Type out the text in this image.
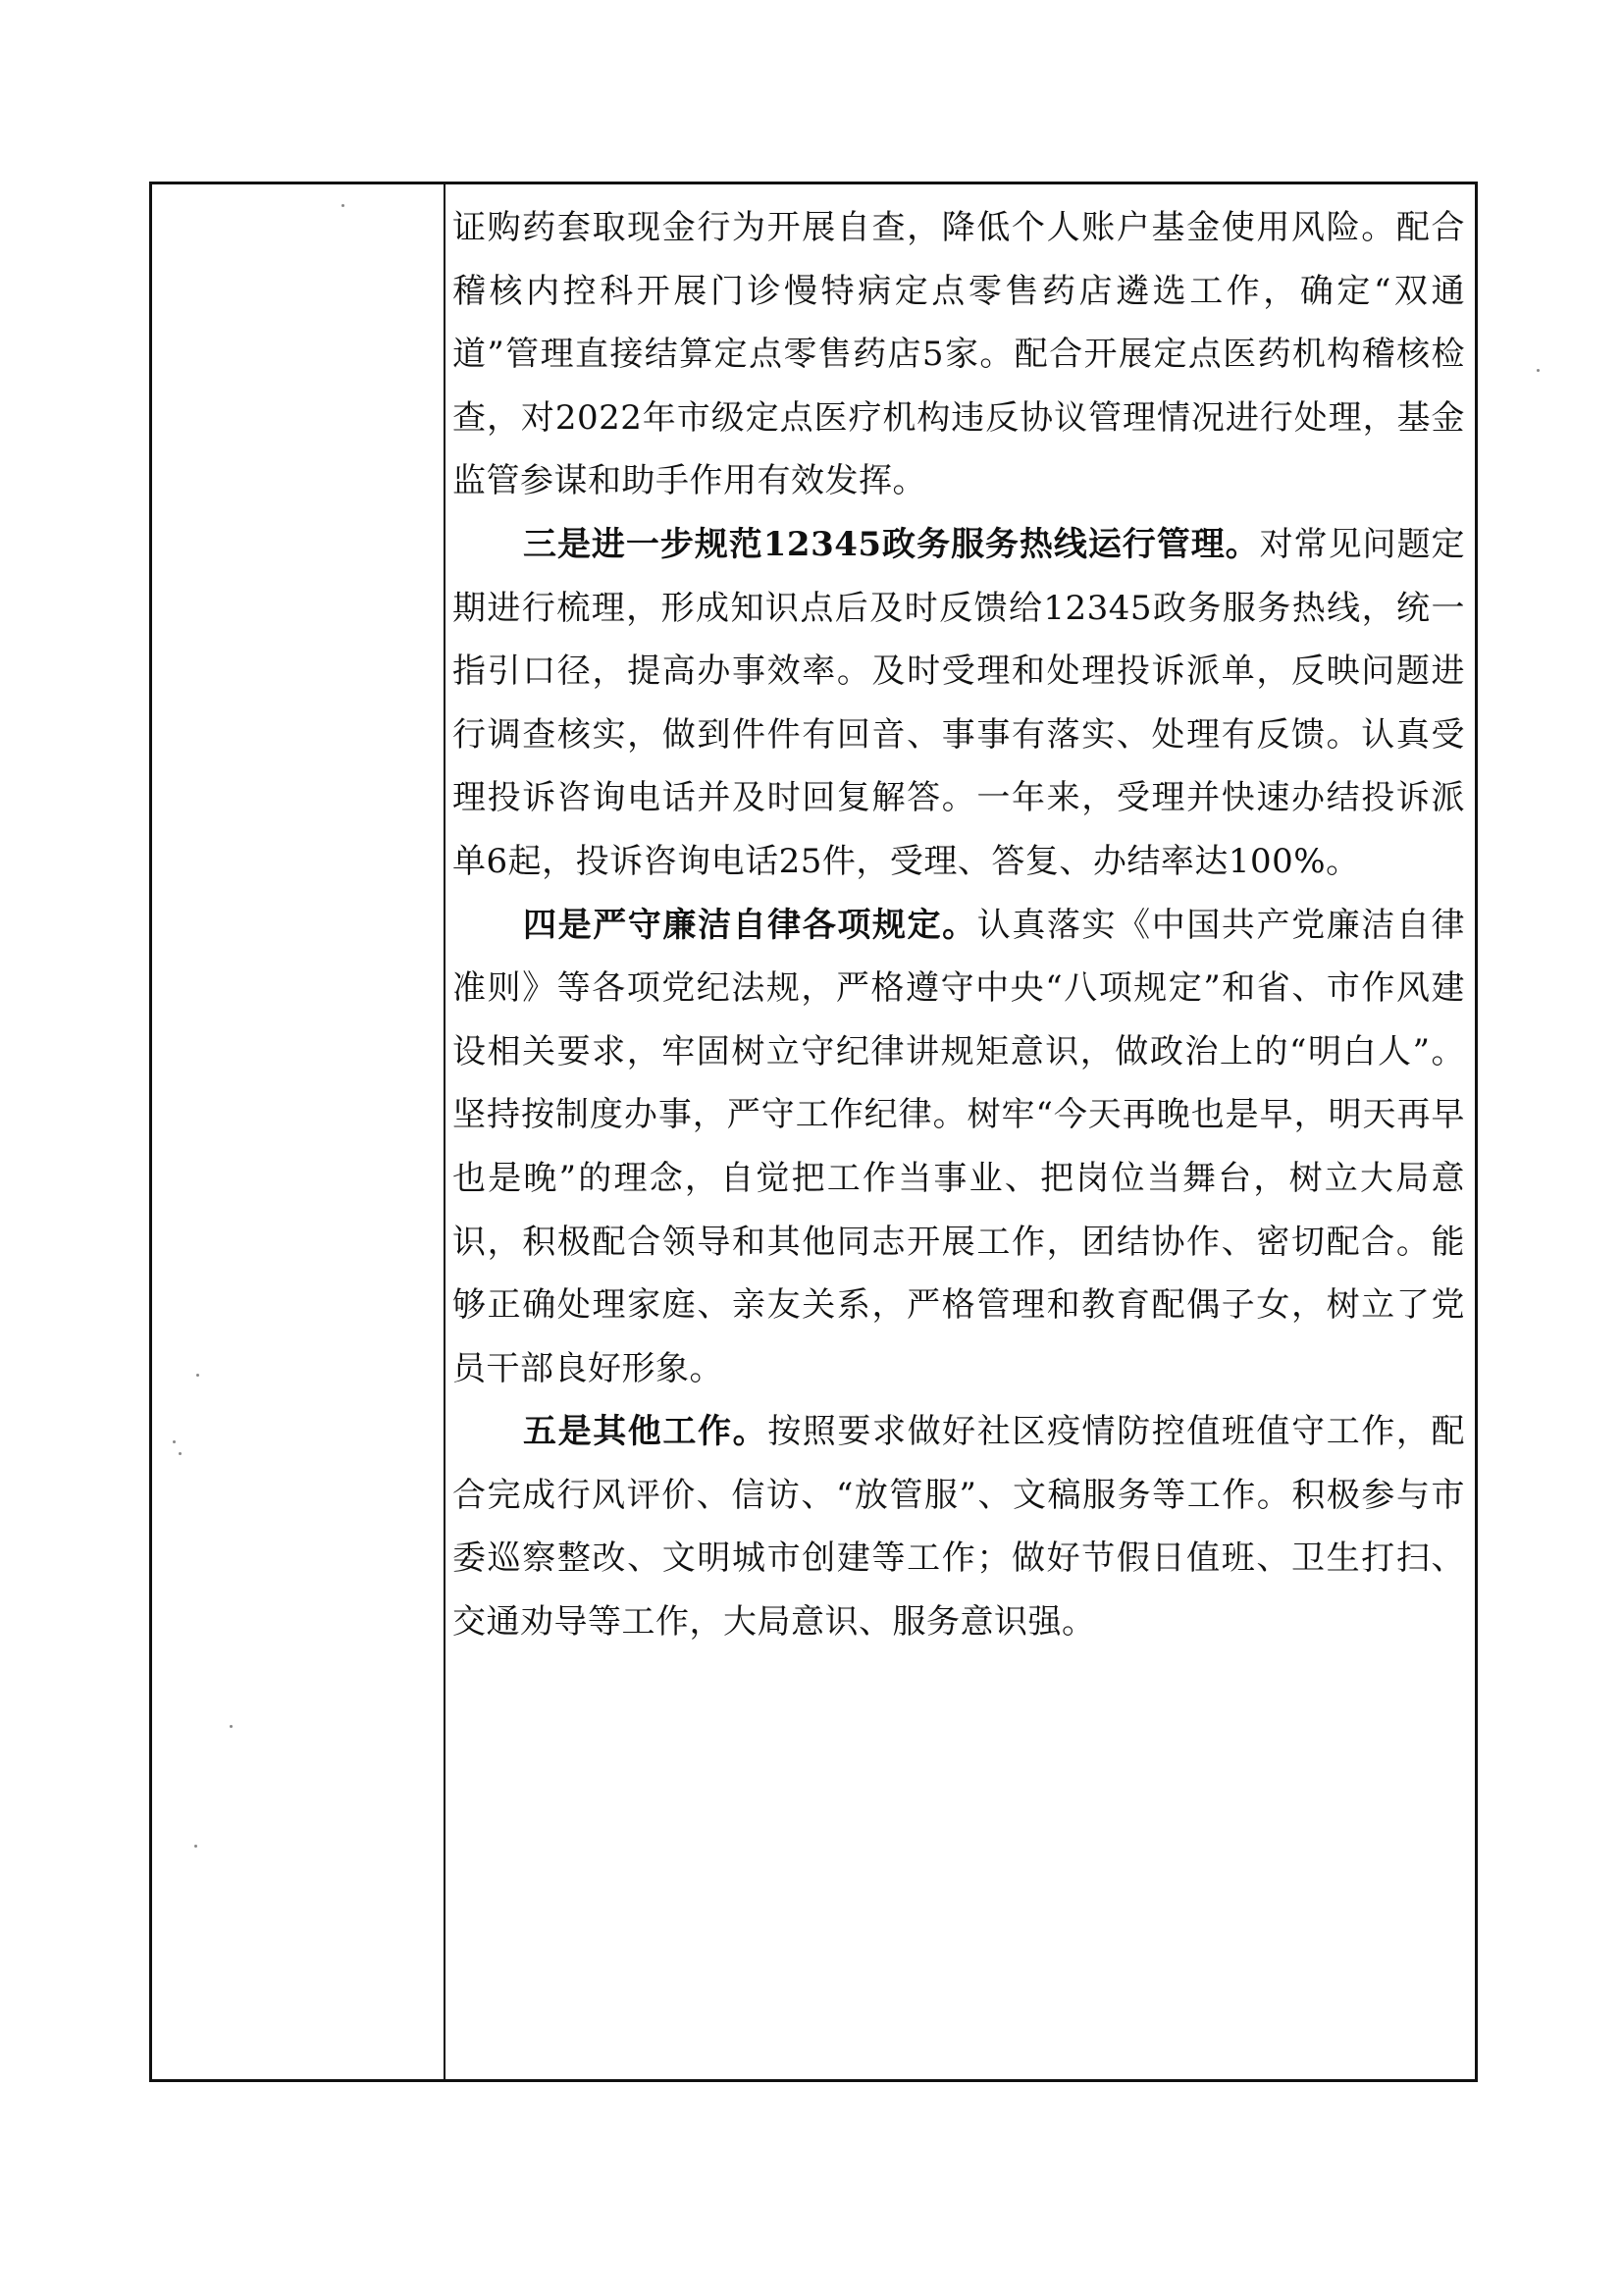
证购药套取现金行为开展自查，降低个人账户基金使用风险。配合稽核内控科开展门诊慢特病定点零售药店遴选工作，确定“双通道”管理直接结算定点零售药店5家。配合开展定点医药机构稽核检查，对2022年市级定点医疗机构违反协议管理情况进行处理，基金监管参谋和助手作用有效发挥。

三是进一步规范12345政务服务热线运行管理。对常见问题定期进行梳理，形成知识点后及时反馈给12345政务服务热线，统一指引口径，提高办事效率。及时受理和处理投诉派单，反映问题进行调查核实，做到件件有回音、事事有落实、处理有反馈。认真受理投诉咨询电话并及时回复解答。一年来，受理并快速办结投诉派单6起，投诉咨询电话25件，受理、答复、办结率达100%。

四是严守廉洁自律各项规定。认真落实《中国共产党廉洁自律准则》等各项党纪法规，严格遵守中央“八项规定”和省、市作风建设相关要求，牢固树立守纪律讲规矩意识，做政治上的“明白人”。坚持按制度办事，严守工作纪律。树牢“今天再晚也是早，明天再早也是晚”的理念，自觉把工作当事业、把岗位当舞台，树立大局意识，积极配合领导和其他同志开展工作，团结协作、密切配合。能够正确处理家庭、亲友关系，严格管理和教育配偶子女，树立了党员干部良好形象。

五是其他工作。按照要求做好社区疫情防控值班值守工作，配合完成行风评价、信访、“放管服”、文稿服务等工作。积极参与市委巡察整改、文明城市创建等工作；做好节假日值班、卫生打扫、交通劝导等工作，大局意识、服务意识强。
